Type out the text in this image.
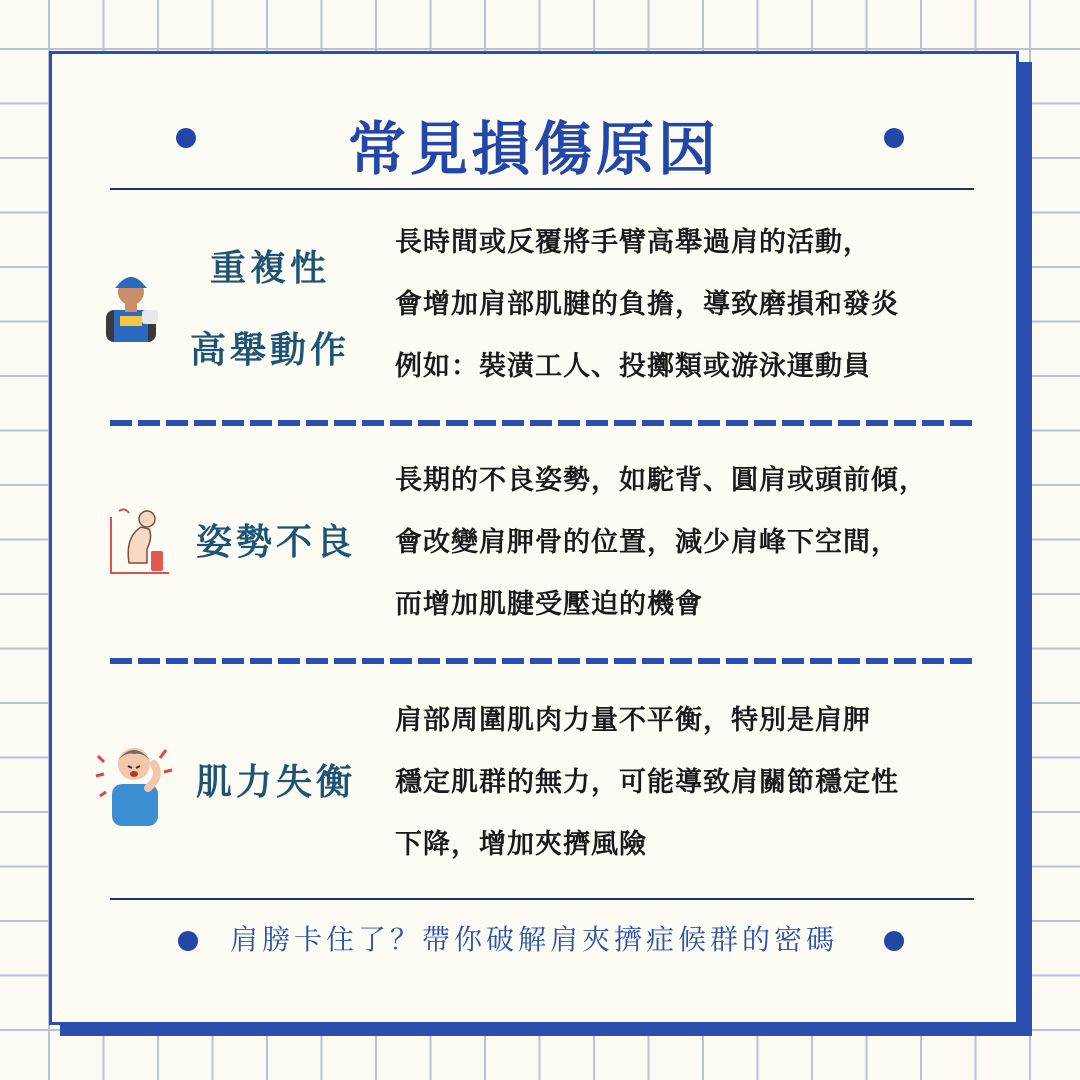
常見損傷原因
重複性
高舉動作
長時間或反覆將手臂高舉過肩的活動，
會增加肩部肌腱的負擔，導致磨損和發炎
例如：裝潢工人、投擲類或游泳運動員
姿勢不良
長期的不良姿勢，如駝背、圓肩或頭前傾，
會改變肩胛骨的位置，減少肩峰下空間，
而增加肌腱受壓迫的機會
肌力失衡
肩部周圍肌肉力量不平衡，特別是肩胛
穩定肌群的無力，可能導致肩關節穩定性
下降，增加夾擠風險
肩膀卡住了？帶你破解肩夾擠症候群的密碼
